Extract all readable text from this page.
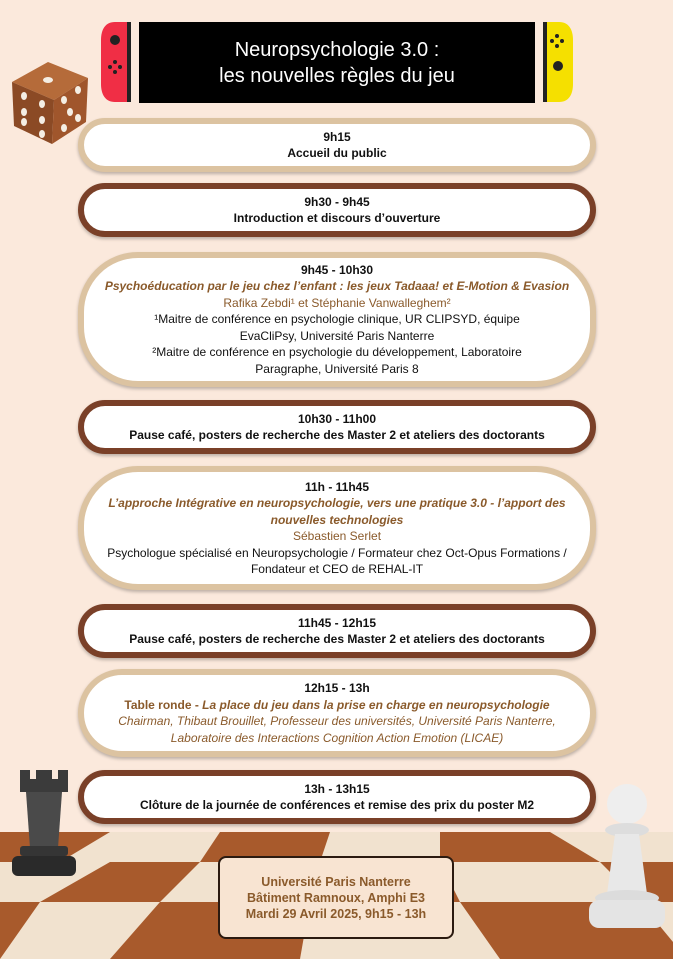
Neuropsychologie 3.0 :
les nouvelles règles du jeu
9h15
Accueil du public
9h30 - 9h45
Introduction et discours d’ouverture
9h45 - 10h30
Psychoéducation par le jeu chez l’enfant : les jeux Tadaaa! et E-Motion & Evasion
Rafika Zebdi¹ et Stéphanie Vanwalleghem²
¹Maitre de conférence en psychologie clinique, UR CLIPSYD, équipe EvaCliPsy, Université Paris Nanterre
²Maitre de conférence en psychologie du développement, Laboratoire Paragraphe, Université Paris 8
10h30 - 11h00
Pause café, posters de recherche des Master 2 et ateliers des doctorants
11h - 11h45
L’approche Intégrative en neuropsychologie, vers une pratique 3.0 - l’apport des nouvelles technologies
Sébastien Serlet
Psychologue spécialisé en Neuropsychologie / Formateur chez Oct-Opus Formations / Fondateur et CEO de REHAL-IT
11h45 - 12h15
Pause café, posters de recherche des Master 2 et ateliers des doctorants
12h15 - 13h
Table ronde - La place du jeu dans la prise en charge en neuropsychologie
Chairman, Thibaut Brouillet, Professeur des universités, Université Paris Nanterre, Laboratoire des Interactions Cognition Action Emotion (LICAE)
13h - 13h15
Clôture de la journée de conférences et remise des prix du poster M2
Université Paris Nanterre
Bâtiment Ramnoux, Amphi E3
Mardi 29 Avril 2025, 9h15 - 13h
